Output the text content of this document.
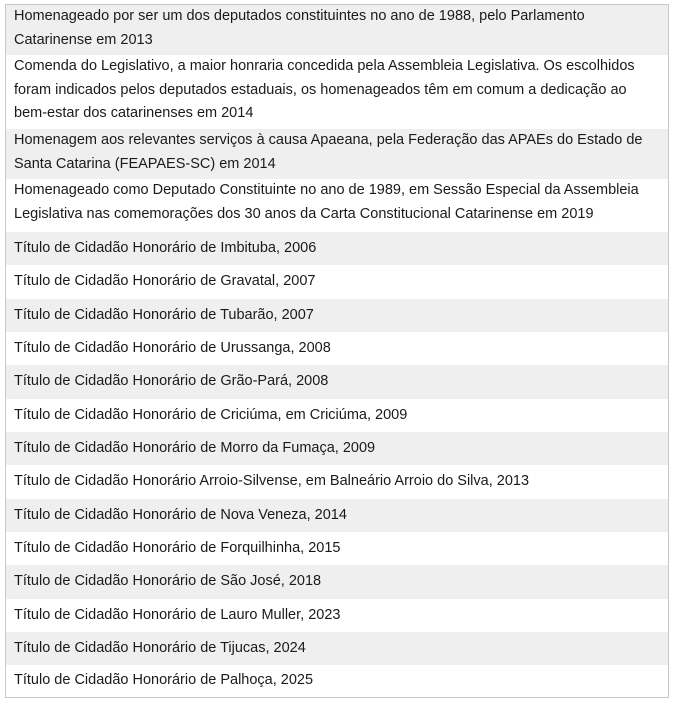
Homenageado por ser um dos deputados constituintes no ano de 1988, pelo Parlamento Catarinense em 2013
Comenda do Legislativo, a maior honraria concedida pela Assembleia Legislativa. Os escolhidos foram indicados pelos deputados estaduais, os homenageados têm em comum a dedicação ao bem-estar dos catarinenses em 2014
Homenagem aos relevantes serviços à causa Apaeana, pela Federação das APAEs do Estado de Santa Catarina (FEAPAES-SC) em 2014
Homenageado como Deputado Constituinte no ano de 1989, em Sessão Especial da Assembleia Legislativa nas comemorações dos 30 anos da Carta Constitucional Catarinense em 2019
Título de Cidadão Honorário de Imbituba, 2006
Título de Cidadão Honorário de Gravatal, 2007
Título de Cidadão Honorário de Tubarão, 2007
Título de Cidadão Honorário de Urussanga, 2008
Título de Cidadão Honorário de Grão-Pará, 2008
Título de Cidadão Honorário de Criciúma, em Criciúma, 2009
Título de Cidadão Honorário de Morro da Fumaça, 2009
Título de Cidadão Honorário Arroio-Silvense, em Balneário Arroio do Silva, 2013
Título de Cidadão Honorário de Nova Veneza, 2014
Título de Cidadão Honorário de Forquilhinha, 2015
Título de Cidadão Honorário de São José, 2018
Título de Cidadão Honorário de Lauro Muller, 2023
Título de Cidadão Honorário de Tijucas, 2024
Título de Cidadão Honorário de Palhoça, 2025
